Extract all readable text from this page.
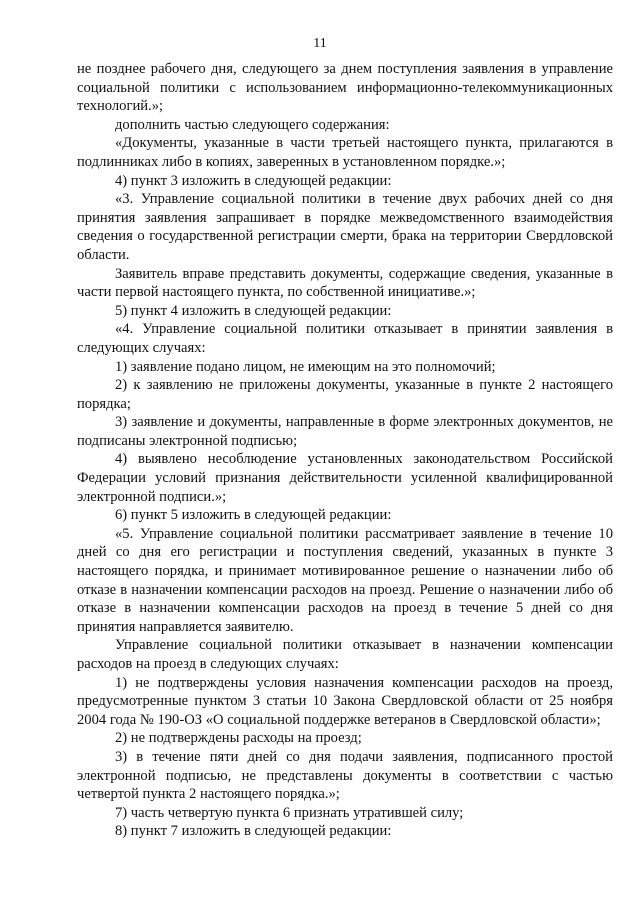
11

не позднее рабочего дня, следующего за днем поступления заявления в управление социальной политики с использованием информационно-телекоммуникационных технологий.»;

дополнить частью следующего содержания:

«Документы, указанные в части третьей настоящего пункта, прилагаются в подлинниках либо в копиях, заверенных в установленном порядке.»;

4) пункт 3 изложить в следующей редакции:

«3. Управление социальной политики в течение двух рабочих дней со дня принятия заявления запрашивает в порядке межведомственного взаимодействия сведения о государственной регистрации смерти, брака на территории Свердловской области.

Заявитель вправе представить документы, содержащие сведения, указанные в части первой настоящего пункта, по собственной инициативе.»;

5) пункт 4 изложить в следующей редакции:

«4. Управление социальной политики отказывает в принятии заявления в следующих случаях:

1) заявление подано лицом, не имеющим на это полномочий;

2) к заявлению не приложены документы, указанные в пункте 2 настоящего порядка;

3) заявление и документы, направленные в форме электронных документов, не подписаны электронной подписью;

4) выявлено несоблюдение установленных законодательством Российской Федерации условий признания действительности усиленной квалифицированной электронной подписи.»;

6) пункт 5 изложить в следующей редакции:

«5. Управление социальной политики рассматривает заявление в течение 10 дней со дня его регистрации и поступления сведений, указанных в пункте 3 настоящего порядка, и принимает мотивированное решение о назначении либо об отказе в назначении компенсации расходов на проезд. Решение о назначении либо об отказе в назначении компенсации расходов на проезд в течение 5 дней со дня принятия направляется заявителю.

Управление социальной политики отказывает в назначении компенсации расходов на проезд в следующих случаях:

1) не подтверждены условия назначения компенсации расходов на проезд, предусмотренные пунктом 3 статьи 10 Закона Свердловской области от 25 ноября 2004 года № 190-ОЗ «О социальной поддержке ветеранов в Свердловской области»;

2) не подтверждены расходы на проезд;

3) в течение пяти дней со дня подачи заявления, подписанного простой электронной подписью, не представлены документы в соответствии с частью четвертой пункта 2 настоящего порядка.»;

7) часть четвертую пункта 6 признать утратившей силу;

8) пункт 7 изложить в следующей редакции:
